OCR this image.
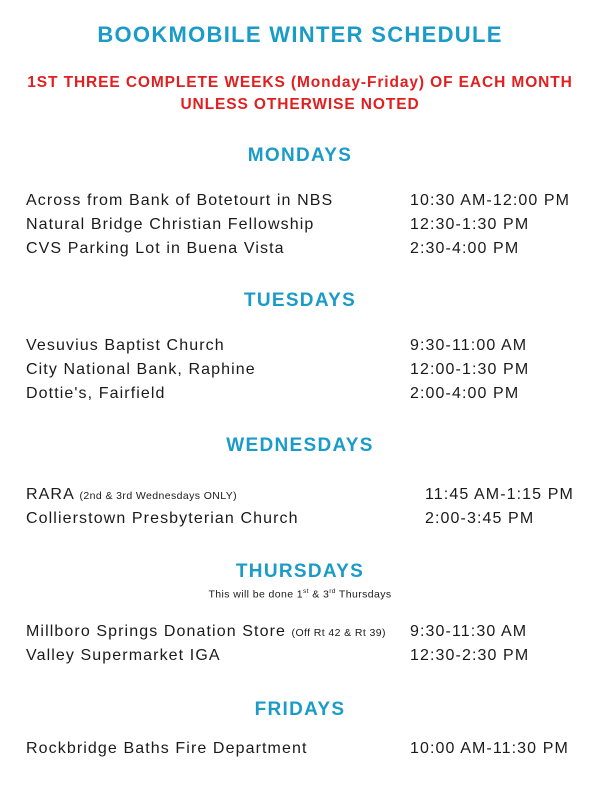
BOOKMOBILE WINTER SCHEDULE
1ST THREE COMPLETE WEEKS (Monday-Friday) OF EACH MONTH
UNLESS OTHERWISE NOTED
MONDAYS
Across from Bank of Botetourt in NBS	10:30 AM-12:00 PM
Natural Bridge Christian Fellowship	12:30-1:30 PM
CVS Parking Lot in Buena Vista	2:30-4:00 PM
TUESDAYS
Vesuvius Baptist Church	9:30-11:00 AM
City National Bank, Raphine	12:00-1:30 PM
Dottie's, Fairfield	2:00-4:00 PM
WEDNESDAYS
RARA (2nd & 3rd Wednesdays ONLY)	11:45 AM-1:15 PM
Collierstown Presbyterian Church	2:00-3:45 PM
THURSDAYS
This will be done 1st & 3rd Thursdays
Millboro Springs Donation Store (Off Rt 42 & Rt 39) 9:30-11:30 AM
Valley Supermarket IGA	12:30-2:30 PM
FRIDAYS
Rockbridge Baths Fire Department	10:00 AM-11:30 PM
